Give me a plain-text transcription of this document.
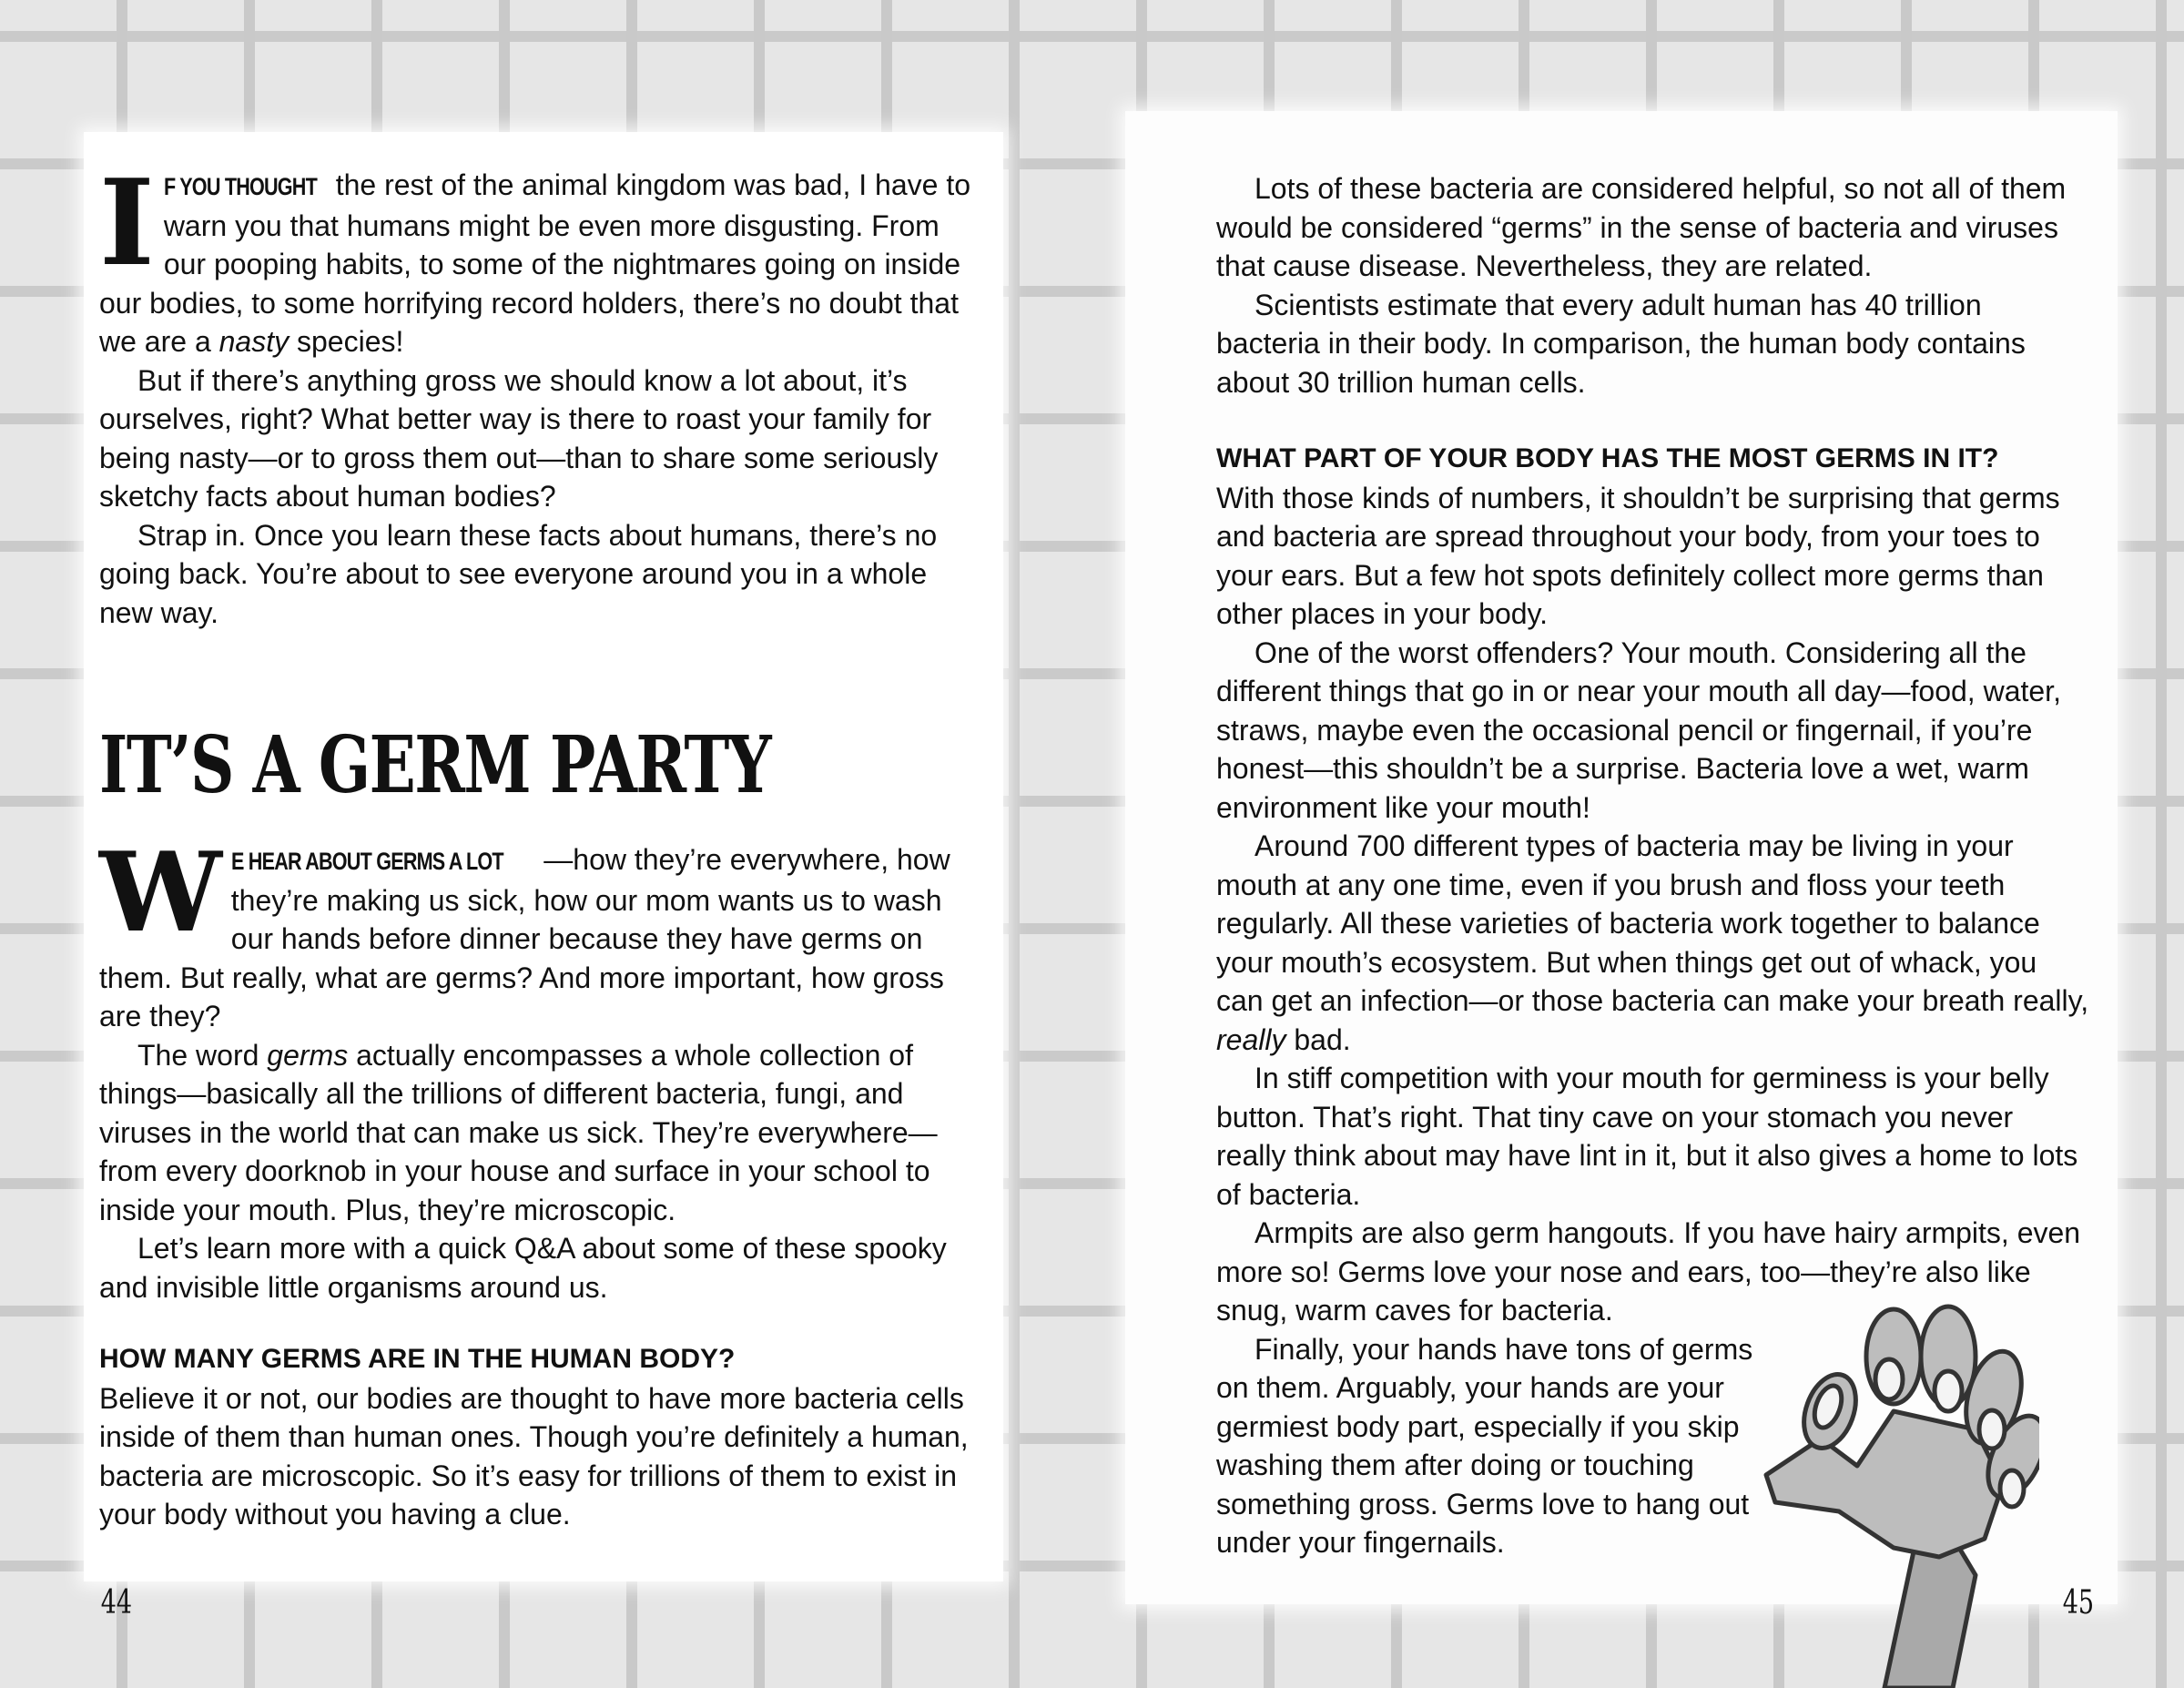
I F YOU THOUGHT the rest of the animal kingdom was bad, I have to warn you that humans might be even more disgusting. From our pooping habits, to some of the nightmares going on inside our bodies, to some horrifying record holders, there’s no doubt that we are a nasty species!

But if there’s anything gross we should know a lot about, it’s ourselves, right? What better way is there to roast your family for being nasty—or to gross them out—than to share some seriously sketchy facts about human bodies?

Strap in. Once you learn these facts about humans, there’s no going back. You’re about to see everyone around you in a whole new way.

IT’S A GERM PARTY
W E HEAR ABOUT GERMS A LOT —how they’re everywhere, how they’re making us sick, how our mom wants us to wash our hands before dinner because they have germs on them. But really, what are germs? And more important, how gross are they?

The word germs actually encompasses a whole collection of things—basically all the trillions of different bacteria, fungi, and viruses in the world that can make us sick. They’re everywhere—from every doorknob in your house and surface in your school to inside your mouth. Plus, they’re microscopic.

Let’s learn more with a quick Q&A about some of these spooky and invisible little organisms around us.

HOW MANY GERMS ARE IN THE HUMAN BODY?

Believe it or not, our bodies are thought to have more bacteria cells inside of them than human ones. Though you’re definitely a human, bacteria are microscopic. So it’s easy for trillions of them to exist in your body without you having a clue.

44

Lots of these bacteria are considered helpful, so not all of them would be considered “germs” in the sense of bacteria and viruses that cause disease. Nevertheless, they are related.

Scientists estimate that every adult human has 40 trillion bacteria in their body. In comparison, the human body contains about 30 trillion human cells.

WHAT PART OF YOUR BODY HAS THE MOST GERMS IN IT?

With those kinds of numbers, it shouldn’t be surprising that germs and bacteria are spread throughout your body, from your toes to your ears. But a few hot spots definitely collect more germs than other places in your body.

One of the worst offenders? Your mouth. Considering all the different things that go in or near your mouth all day—food, water, straws, maybe even the occasional pencil or fingernail, if you’re honest—this shouldn’t be a surprise. Bacteria love a wet, warm environment like your mouth!

Around 700 different types of bacteria may be living in your mouth at any one time, even if you brush and floss your teeth regularly. All these varieties of bacteria work together to balance your mouth’s ecosystem. But when things get out of whack, you can get an infection—or those bacteria can make your breath really, really bad.

In stiff competition with your mouth for germiness is your belly button. That’s right. That tiny cave on your stomach you never really think about may have lint in it, but it also gives a home to lots of bacteria.

Armpits are also germ hangouts. If you have hairy armpits, even more so! Germs love your nose and ears, too—they’re also like snug, warm caves for bacteria.

Finally, your hands have tons of germs on them. Arguably, your hands are your germiest body part, especially if you skip washing them after doing or touching something gross. Germs love to hang out under your fingernails.

45
